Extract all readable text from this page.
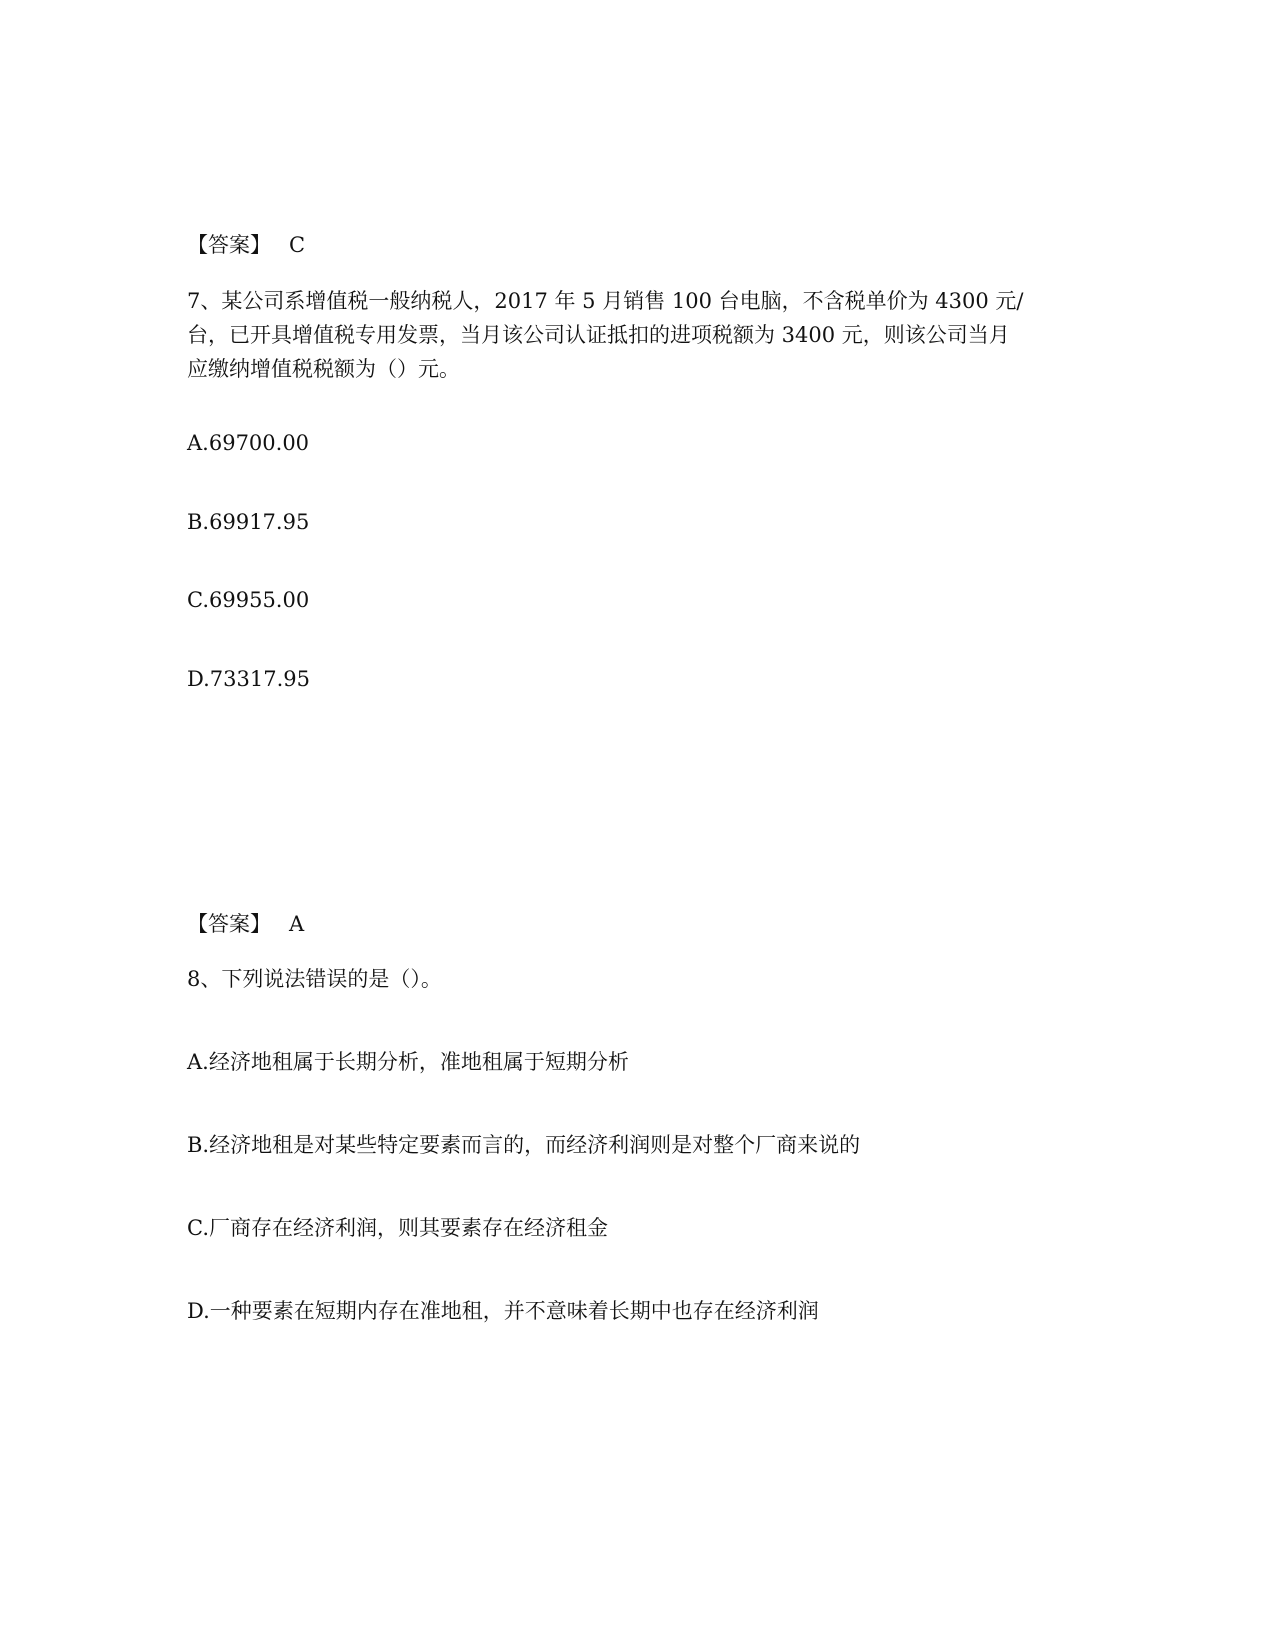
【答案】 C
7、某公司系增值税一般纳税人，2017 年 5 月销售 100 台电脑，不含税单价为 4300 元/
台，已开具增值税专用发票，当月该公司认证抵扣的进项税额为 3400 元，则该公司当月
应缴纳增值税税额为（）元。
A.69700.00
B.69917.95
C.69955.00
D.73317.95
【答案】 A
8、下列说法错误的是（）。
A.经济地租属于长期分析，准地租属于短期分析
B.经济地租是对某些特定要素而言的，而经济利润则是对整个厂商来说的
C.厂商存在经济利润，则其要素存在经济租金
D.一种要素在短期内存在准地租，并不意味着长期中也存在经济利润
